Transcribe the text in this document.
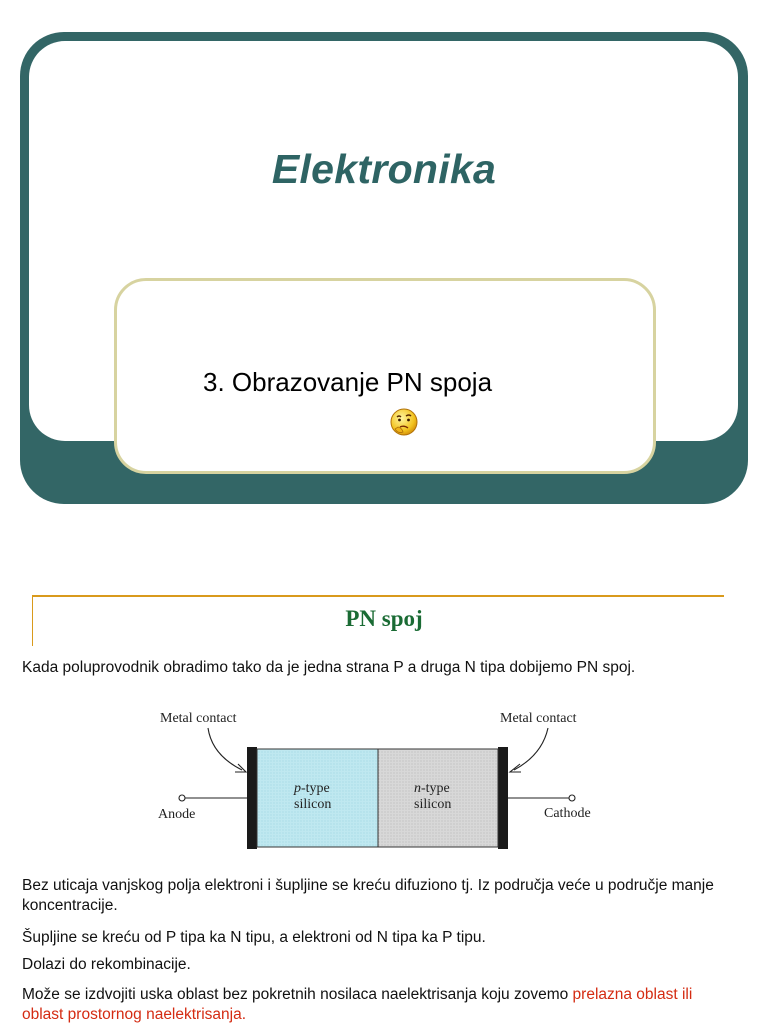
Elektronika

3. Obrazovanje PN spoja

PN spoj

Kada poluprovodnik obradimo tako da je jedna strana P a druga N tipa dobijemo PN spoj.

Metal contact	Metal contact
p-type
silicon
n-type
silicon
Anode	Cathode

Bez uticaja vanjskog polja elektroni i šupljine se kreću difuziono tj. Iz područja veće u područje manje koncentracije.

Šupljine se kreću od P tipa ka N tipu, a elektroni od N tipa ka P tipu.

Dolazi do rekombinacije.

Može se izdvojiti uska oblast bez pokretnih nosilaca naelektrisanja koju zovemo prelazna oblast ili oblast prostornog naelektrisanja.
